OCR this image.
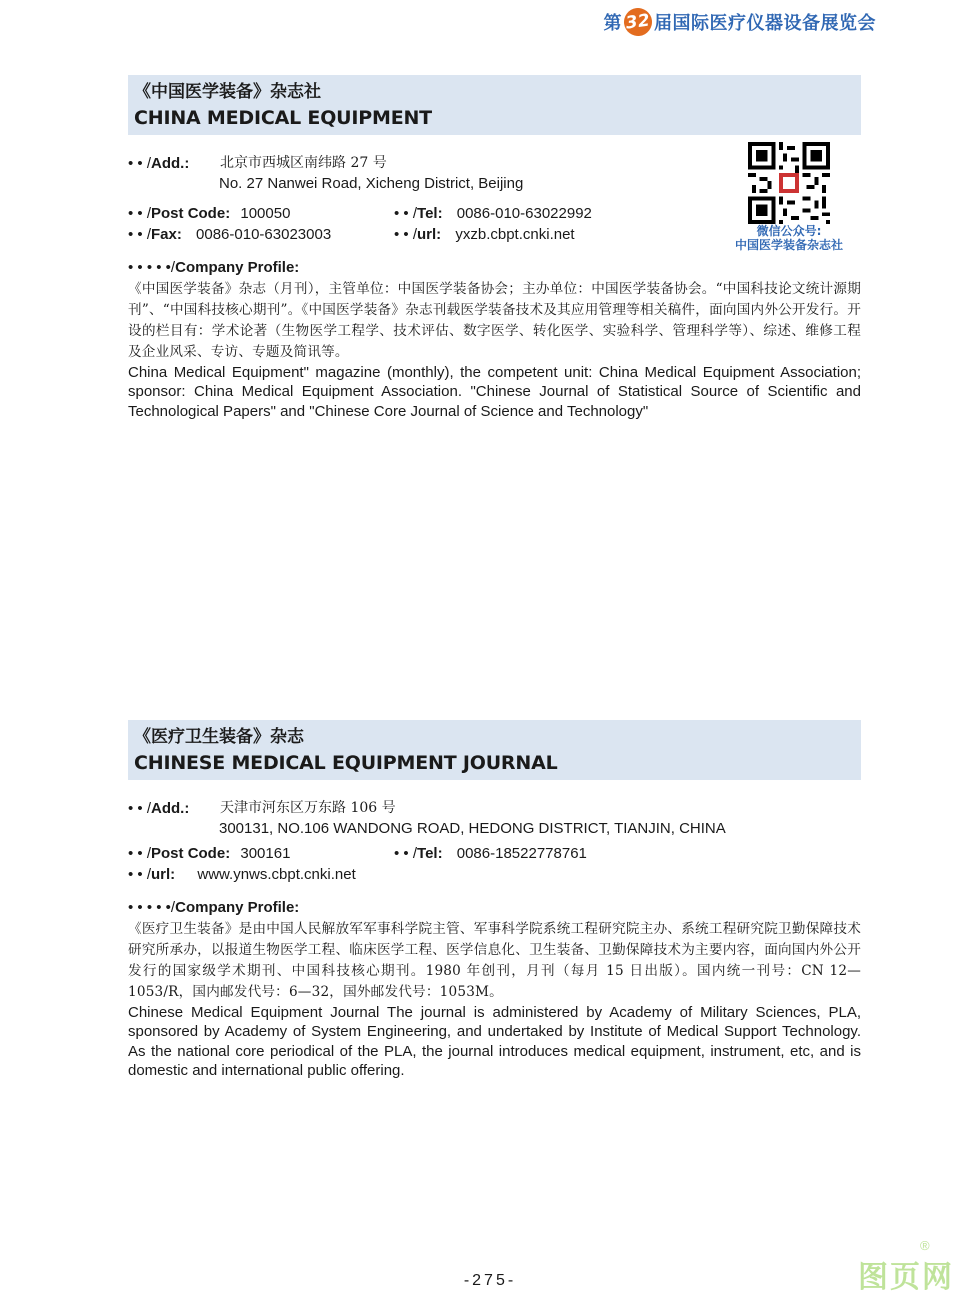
第 32 届国际医疗仪器设备展览会
《中国医学装备》杂志社
CHINA MEDICAL EQUIPMENT
• • /Add.: 北京市西城区南纬路 27 号
No. 27 Nanwei Road, Xicheng District, Beijing
• • /Post Code: 100050	• • /Tel: 0086-010-63022992
• • /Fax: 0086-010-63023003	• • /url: yxzb.cbpt.cnki.net	微信公众号:
中国医学装备杂志社
• • • • •/Company Profile:
《中国医学装备》杂志（月刊），主管单位：中国医学装备协会；主办单位：中国医学装备协会。“中国科技论文统计源期刊”、“中国科技核心期刊”。《中国医学装备》杂志刊载医学装备技术及其应用管理等相关稿件，面向国内外公开发行。开设的栏目有：学术论著（生物医学工程学、技术评估、数字医学、转化医学、实验科学、管理科学等）、综述、维修工程及企业风采、专访、专题及简讯等。
China Medical Equipment" magazine (monthly), the competent unit: China Medical Equipment Association; sponsor: China Medical Equipment Association. "Chinese Journal of Statistical Source of Scientific and Technological Papers" and "Chinese Core Journal of Science and Technology"
《医疗卫生装备》杂志
CHINESE MEDICAL EQUIPMENT JOURNAL
• • /Add.: 天津市河东区万东路 106 号
300131, NO.106 WANDONG ROAD, HEDONG DISTRICT, TIANJIN, CHINA
• • /Post Code: 300161	• • /Tel: 0086-18522778761
• • /url: www.ynws.cbpt.cnki.net
• • • • •/Company Profile:
《医疗卫生装备》是由中国人民解放军军事科学院主管、军事科学院系统工程研究院主办、系统工程研究院卫勤保障技术研究所承办，以报道生物医学工程、临床医学工程、医学信息化、卫生装备、卫勤保障技术为主要内容，面向国内外公开发行的国家级学术期刊、中国科技核心期刊。1980 年创刊，月刊（每月 15 日出版）。国内统一刊号：CN 12—1053/R，国内邮发代号：6—32，国外邮发代号：1053M。
Chinese Medical Equipment Journal The journal is administered by Academy of Military Sciences, PLA, sponsored by Academy of System Engineering, and undertaked by Institute of Medical Support Technology. As the national core periodical of the PLA, the journal introduces medical equipment, instrument, etc, and is domestic and international public offering.
-275-	图页网
®
